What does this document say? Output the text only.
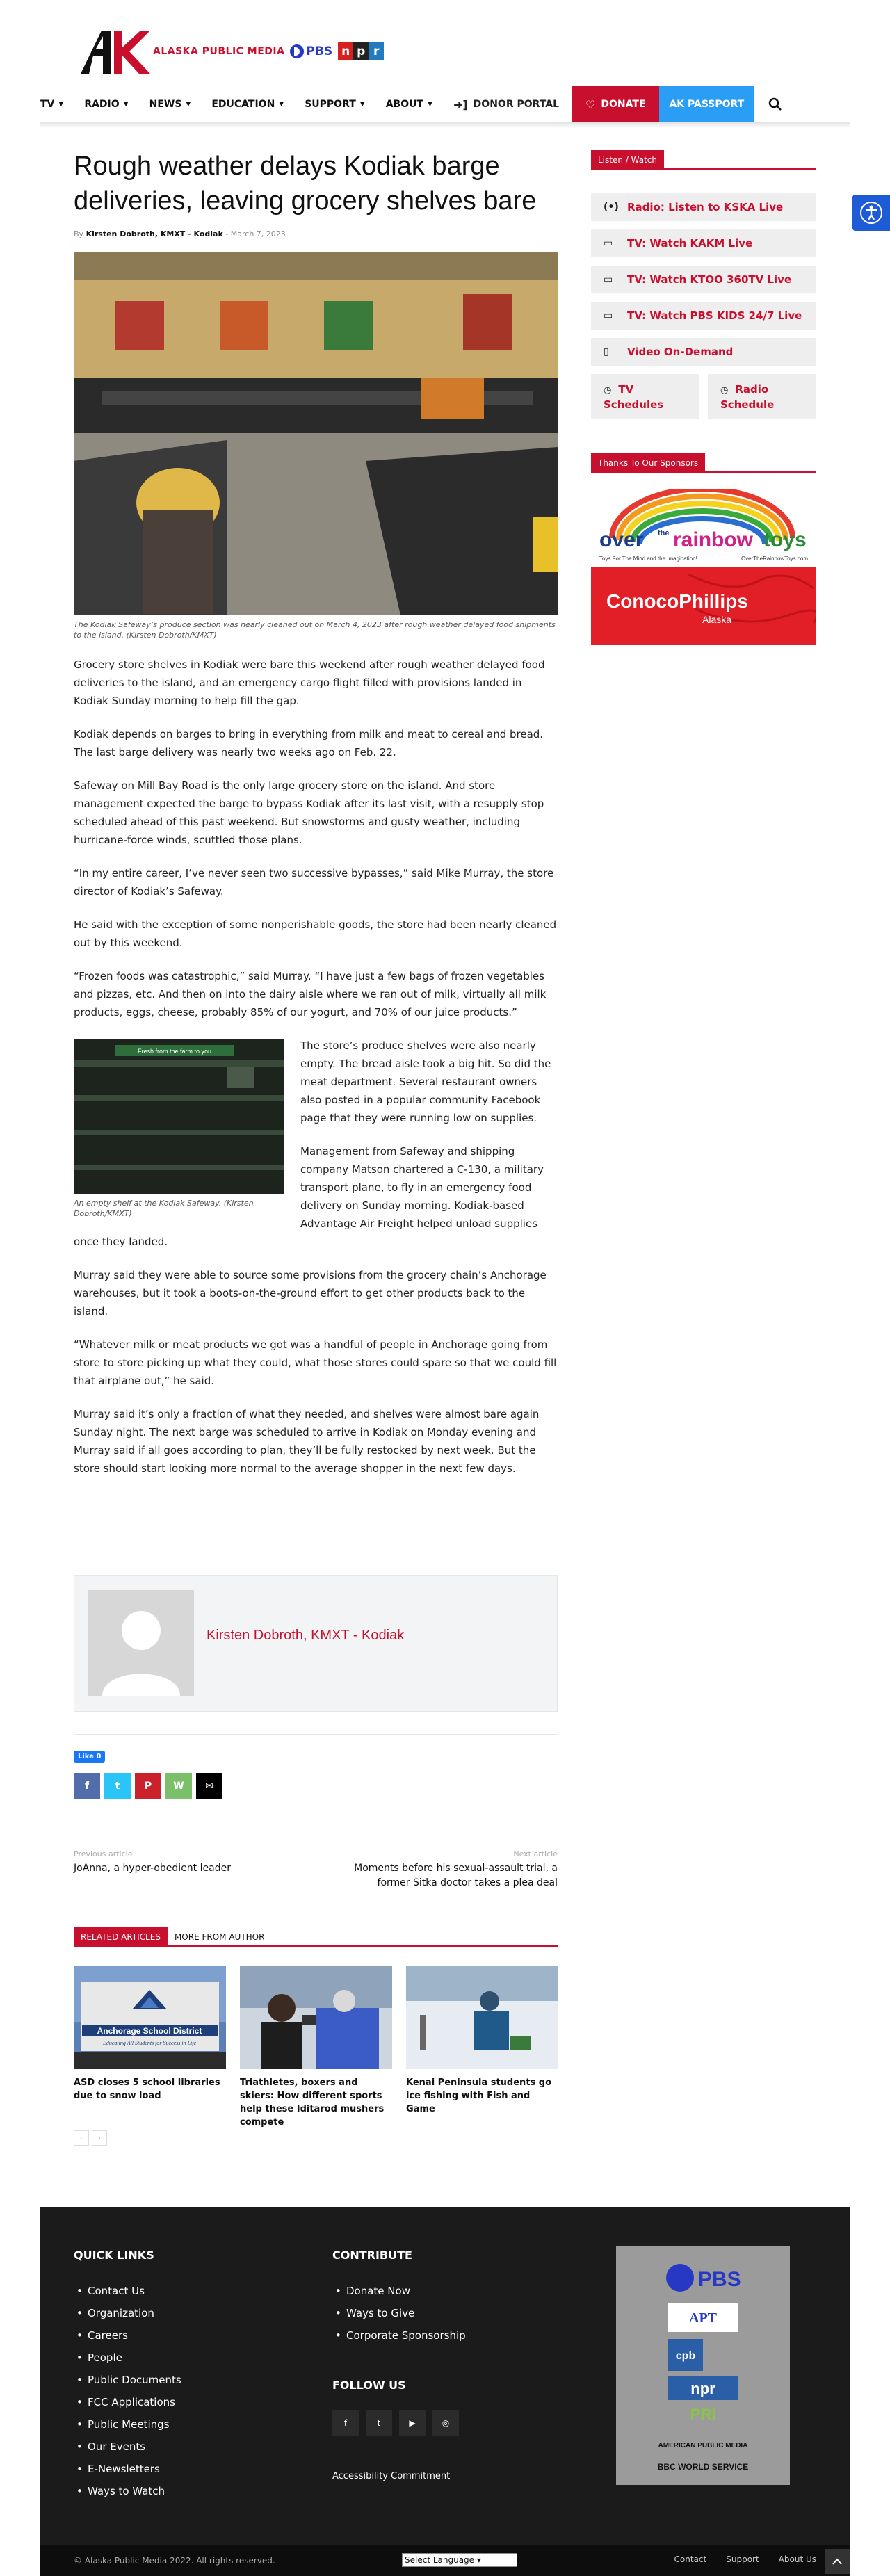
ALASKA PUBLIC MEDIA PBS n p r
TV ▼ RADIO ▼ NEWS ▼ EDUCATION ▼ SUPPORT ▼ ABOUT ▼ ➜] DONOR PORTAL ♡ DONATE	AK PASSPORT
Rough weather delays Kodiak barge deliveries, leaving grocery shelves bare
By Kirsten Dobroth, KMXT - Kodiak - March 7, 2023
The Kodiak Safeway’s produce section was nearly cleaned out on March 4, 2023 after rough weather delayed food shipments to the island. (Kirsten Dobroth/KMXT)

Grocery store shelves in Kodiak were bare this weekend after rough weather delayed food deliveries to the island, and an emergency cargo flight filled with provisions landed in Kodiak Sunday morning to help fill the gap.

Kodiak depends on barges to bring in everything from milk and meat to cereal and bread. The last barge delivery was nearly two weeks ago on Feb. 22.

Safeway on Mill Bay Road is the only large grocery store on the island. And store management expected the barge to bypass Kodiak after its last visit, with a resupply stop scheduled ahead of this past weekend. But snowstorms and gusty weather, including hurricane-force winds, scuttled those plans.

“In my entire career, I’ve never seen two successive bypasses,” said Mike Murray, the store director of Kodiak’s Safeway.

He said with the exception of some nonperishable goods, the store had been nearly cleaned out by this weekend.

“Frozen foods was catastrophic,” said Murray. “I have just a few bags of frozen vegetables and pizzas, etc. And then on into the dairy aisle where we ran out of milk, virtually all milk products, eggs, cheese, probably 85% of our yogurt, and 70% of our juice products.”

Fresh from the farm to you
An empty shelf at the Kodiak Safeway. (Kirsten Dobroth/KMXT)

The store’s produce shelves were also nearly empty. The bread aisle took a big hit. So did the meat department. Several restaurant owners also posted in a popular community Facebook page that they were running low on supplies.

Management from Safeway and shipping company Matson chartered a C-130, a military transport plane, to fly in an emergency food delivery on Sunday morning. Kodiak-based Advantage Air Freight helped unload supplies once they landed.

Murray said they were able to source some provisions from the grocery chain’s Anchorage warehouses, but it took a boots-on-the-ground effort to get other products back to the island.

“Whatever milk or meat products we got was a handful of people in Anchorage going from store to store picking up what they could, what those stores could spare so that we could fill that airplane out,” he said.

Murray said it’s only a fraction of what they needed, and shelves were almost bare again Sunday night. The next barge was scheduled to arrive in Kodiak on Monday evening and Murray said if all goes according to plan, they’ll be fully restocked by next week. But the store should start looking more normal to the average shopper in the next few days.

Kirsten Dobroth, KMXT - Kodiak
Like 0
f	t	P	W	✉
Previous article
JoAnna, a hyper-obedient leader
Next article
Moments before his sexual-assault trial, a former Sitka doctor takes a plea deal
RELATED ARTICLES	MORE FROM AUTHOR
Anchorage School District
Educating All Students for Success in Life
ASD closes 5 school libraries due to snow load
Triathletes, boxers and skiers: How different sports help these Iditarod mushers compete
Kenai Peninsula students go ice fishing with Fish and Game
‹	›
Listen / Watch
(•) Radio: Listen to KSKA Live
▭	TV: Watch KAKM Live
▭	TV: Watch KTOO 360TV Live
▭	TV: Watch PBS KIDS 24/7 Live
▯	Video On-Demand
◷ TV Schedules
◷ Radio Schedule
Thanks To Our Sponsors
over the rainbow toys
Toys For The Mind and the Imagination!	OverTheRainbowToys.com
ConocoPhillips
Alaska
QUICK LINKS
• Contact Us
• Organization
• Careers
• People
• Public Documents
• FCC Applications
• Public Meetings
• Our Events
• E-Newsletters
• Ways to Watch
CONTRIBUTE
• Donate Now
• Ways to Give
• Corporate Sponsorship
FOLLOW US
f	t	▶	◎
Accessibility Commitment
PBS
APT
cpb
npr
PRI
AMERICAN PUBLIC MEDIA
BBC WORLD SERVICE
© Alaska Public Media 2022. All rights reserved.	Select Language ▾	Contact Support About Us
